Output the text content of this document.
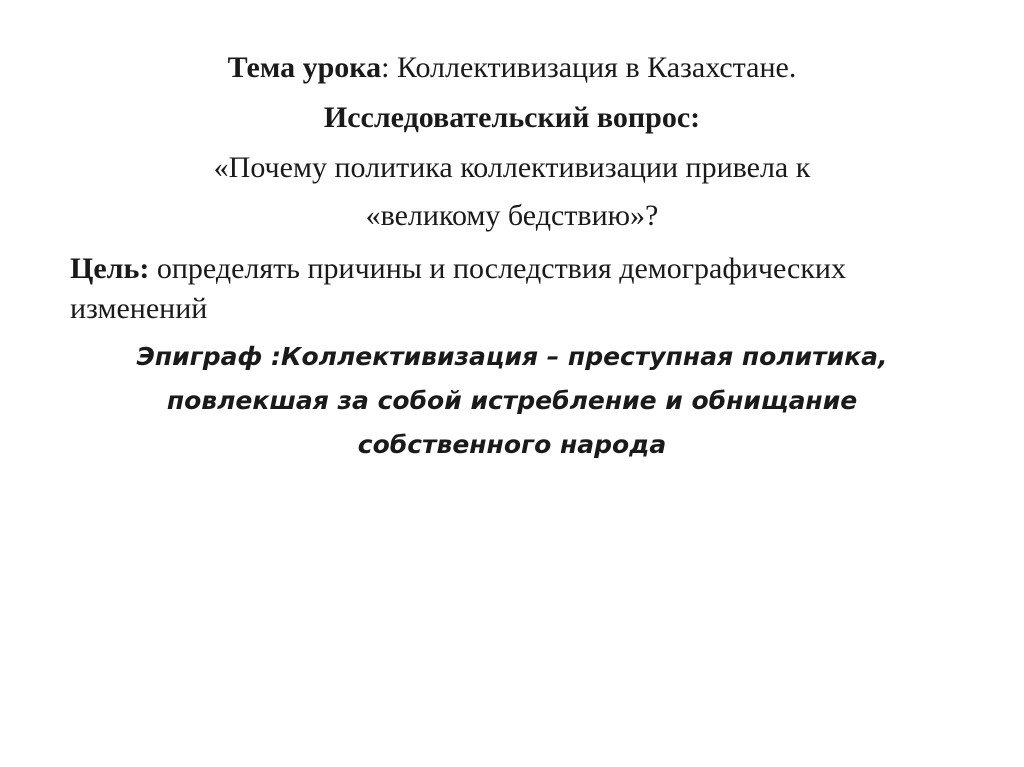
Тема урока: Коллективизация в Казахстане.
Исследовательский вопрос:
«Почему политика коллективизации привела к
«великому бедствию»?
Цель: определять причины и последствия демографических изменений
Эпиграф :Коллективизация – преступная политика,
повлекшая за собой истребление и обнищание
собственного народа
